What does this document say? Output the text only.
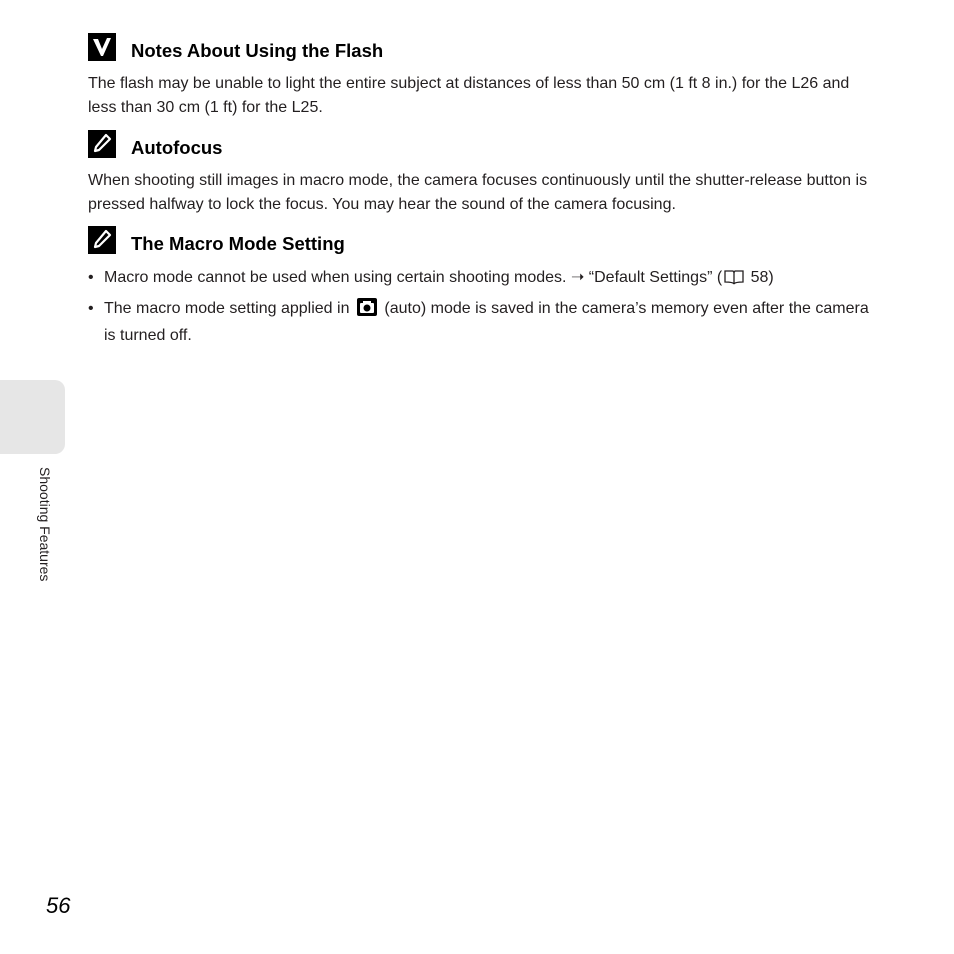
Notes About Using the Flash

The flash may be unable to light the entire subject at distances of less than 50 cm (1 ft 8 in.) for the L26 and less than 30 cm (1 ft) for the L25.

Autofocus

When shooting still images in macro mode, the camera focuses continuously until the shutter-release button is pressed halfway to lock the focus. You may hear the sound of the camera focusing.

The Macro Mode Setting
• Macro mode cannot be used when using certain shooting modes. ➝ “Default Settings” ( 58)
• The macro mode setting applied in  (auto) mode is saved in the camera’s memory even after the camera is turned off.
Shooting Features
56
